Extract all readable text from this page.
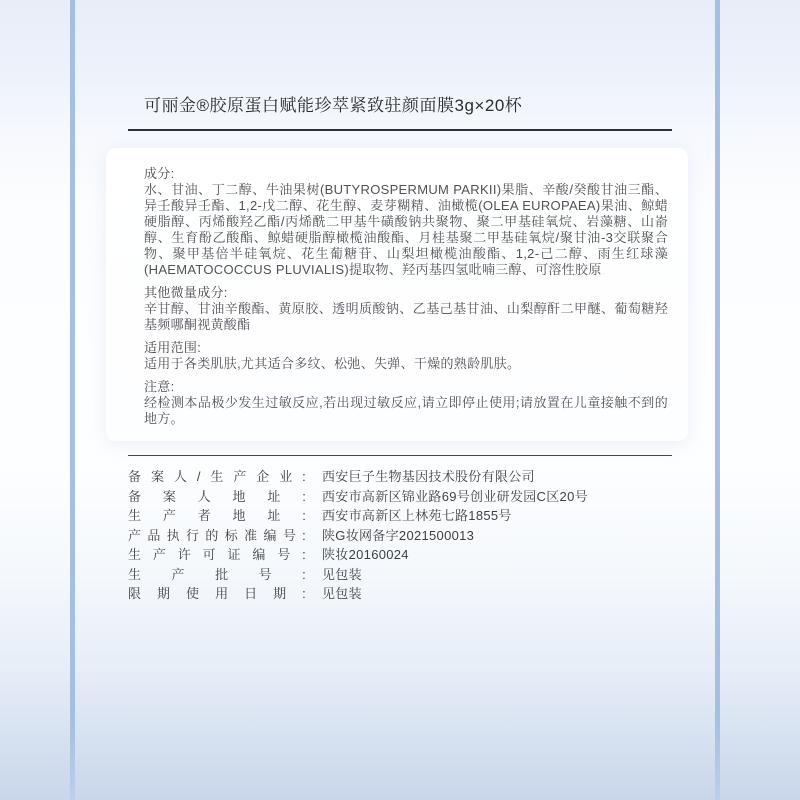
可丽金®胶原蛋白赋能珍萃紧致驻颜面膜3g×20杯
成分:
水、甘油、丁二醇、牛油果树(BUTYROSPERMUM PARKII)果脂、辛酸/癸酸甘油三酯、异壬酸异壬酯、1,2-戊二醇、花生醇、麦芽糊精、油橄榄(OLEA EUROPAEA)果油、鲸蜡硬脂醇、丙烯酸羟乙酯/丙烯酰二甲基牛磺酸钠共聚物、聚二甲基硅氧烷、岩藻糖、山嵛醇、生育酚乙酸酯、鲸蜡硬脂醇橄榄油酸酯、月桂基聚二甲基硅氧烷/聚甘油-3交联聚合物、聚甲基倍半硅氧烷、花生葡糖苷、山梨坦橄榄油酸酯、1,2-己二醇、雨生红球藻(HAEMATOCOCCUS PLUVIALIS)提取物、羟丙基四氢吡喃三醇、可溶性胶原
其他微量成分:
辛甘醇、甘油辛酸酯、黄原胶、透明质酸钠、乙基己基甘油、山梨醇酐二甲醚、葡萄糖羟基频哪酮视黄酸酯
适用范围:
适用于各类肌肤,尤其适合多纹、松弛、失弹、干燥的熟龄肌肤。
注意:
经检测本品极少发生过敏反应,若出现过敏反应,请立即停止使用;请放置在儿童接触不到的地方。
备案人/生产企业: 西安巨子生物基因技术股份有限公司
备案人地址: 西安市高新区锦业路69号创业研发园C区20号
生产者地址: 西安市高新区上林苑七路1855号
产品执行的标准编号: 陕G妆网备字2021500013
生产许可证编号: 陕妆20160024
生产批号: 见包装
限期使用日期: 见包装
